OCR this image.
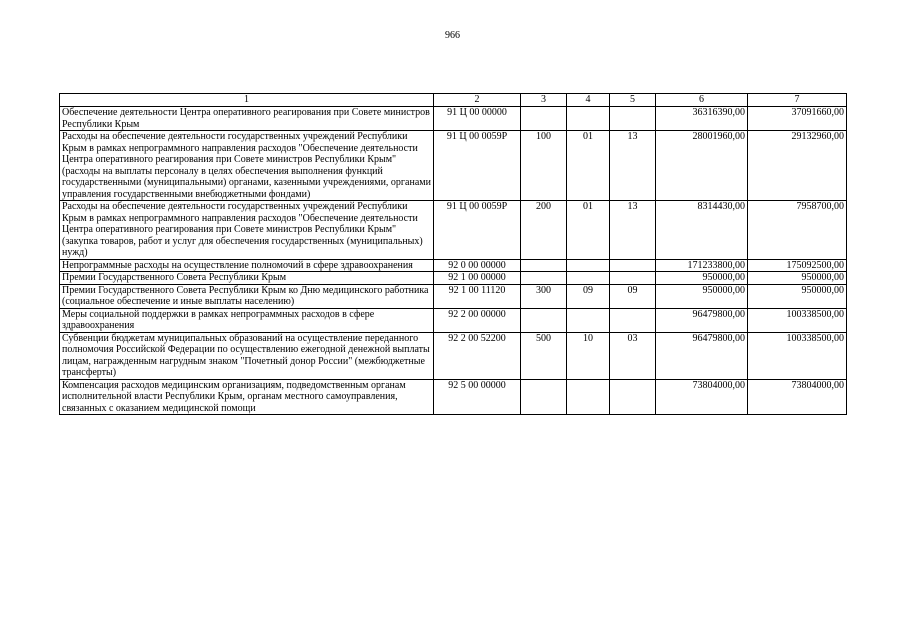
966
1	2	3	4	5	6	7
Обеспечение деятельности Центра оперативного реагирования при Совете министров Республики Крым	91 Ц 00 00000				36316390,00	37091660,00
Расходы на обеспечение деятельности государственных учреждений Республики Крым в рамках непрограммного направления расходов "Обеспечение деятельности Центра оперативного реагирования при Совете министров Республики Крым" (расходы на выплаты персоналу в целях обеспечения выполнения функций государственными (муниципальными) органами, казенными учреждениями, органами управления государственными внебюджетными фондами)	91 Ц 00 0059Р	100	01	13	28001960,00	29132960,00
Расходы на обеспечение деятельности государственных учреждений Республики Крым в рамках непрограммного направления расходов "Обеспечение деятельности Центра оперативного реагирования при Совете министров Республики Крым" (закупка товаров, работ и услуг для обеспечения государственных (муниципальных) нужд)	91 Ц 00 0059Р	200	01	13	8314430,00	7958700,00
Непрограммные расходы на осуществление полномочий в сфере здравоохранения	92 0 00 00000				171233800,00	175092500,00
Премии Государственного Совета Республики Крым	92 1 00 00000				950000,00	950000,00
Премии Государственного Совета Республики Крым ко Дню медицинского работника (социальное обеспечение и иные выплаты населению)	92 1 00 11120	300	09	09	950000,00	950000,00
Меры социальной поддержки в рамках непрограммных расходов в сфере здравоохранения	92 2 00 00000				96479800,00	100338500,00
Субвенции бюджетам муниципальных образований на осуществление переданного полномочия Российской Федерации по осуществлению ежегодной денежной выплаты лицам, награжденным нагрудным знаком "Почетный донор России" (межбюджетные трансферты)	92 2 00 52200	500	10	03	96479800,00	100338500,00
Компенсация расходов медицинским организациям, подведомственным органам исполнительной власти Республики Крым, органам местного самоуправления, связанных с оказанием медицинской помощи	92 5 00 00000				73804000,00	73804000,00
